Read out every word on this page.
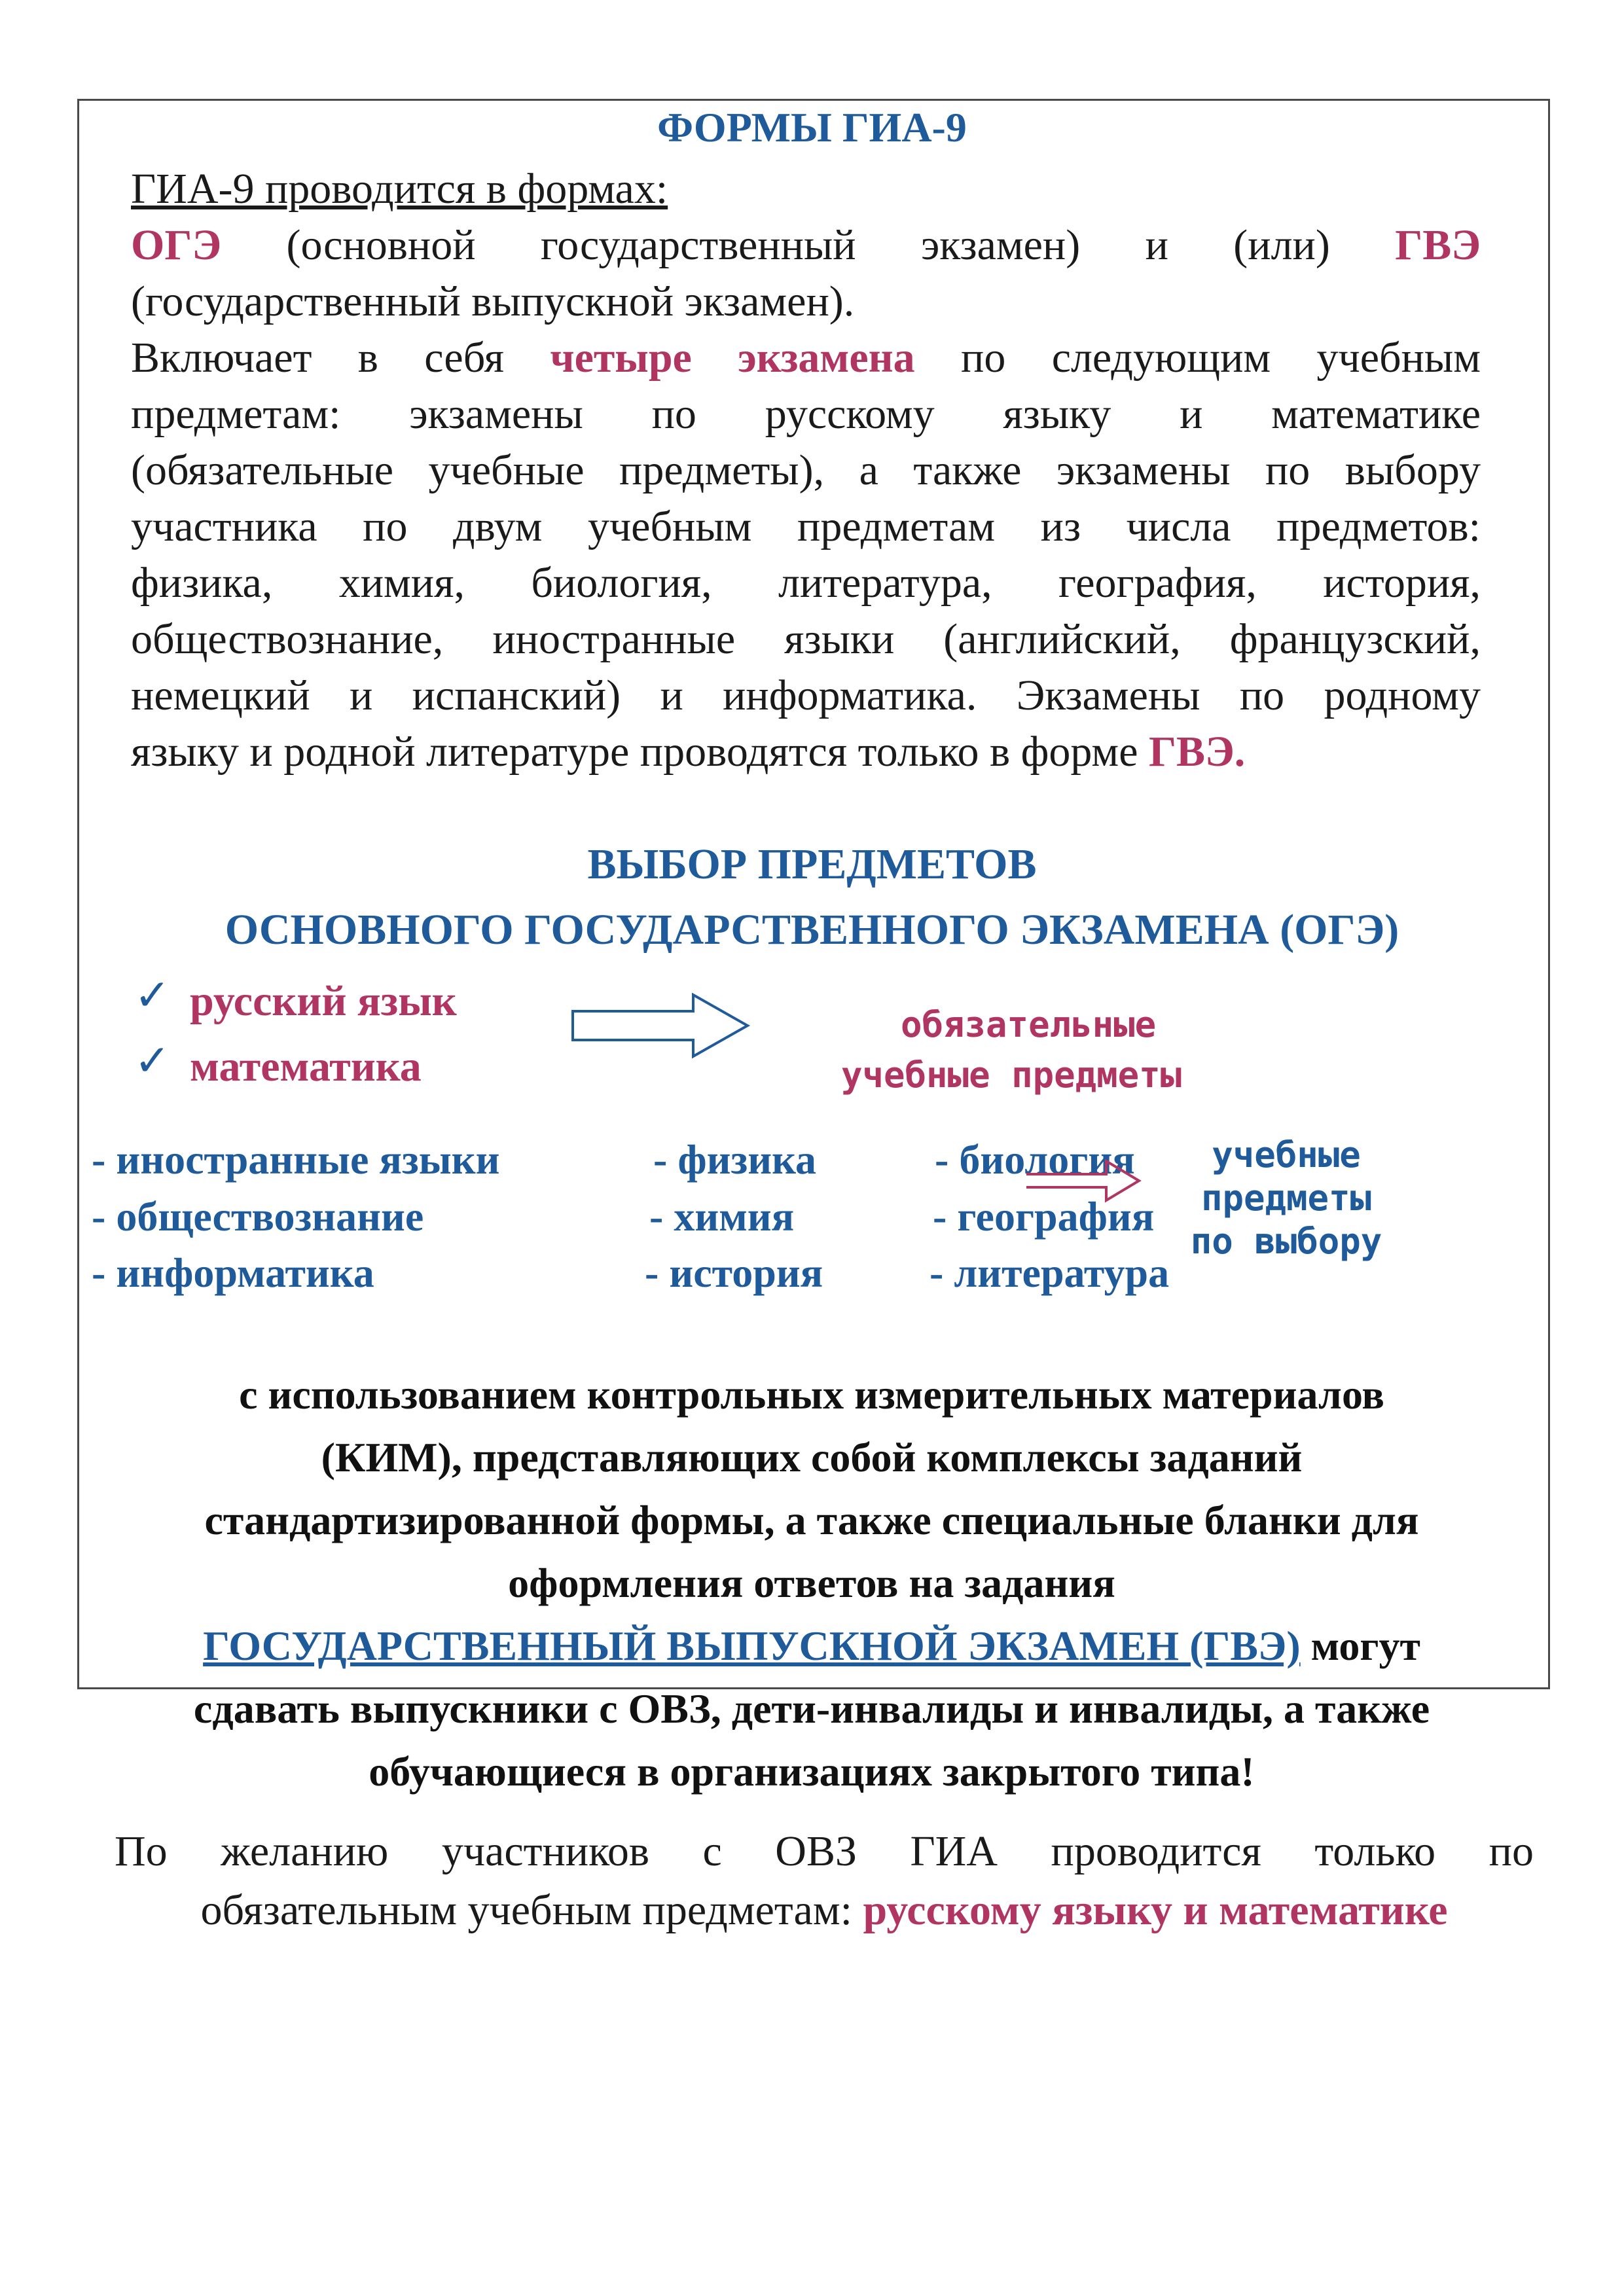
ФОРМЫ ГИА-9
ГИА-9 проводится в формах:
ОГЭ (основной государственный экзамен) и (или) ГВЭ
(государственный выпускной экзамен).
Включает в себя четыре экзамена по следующим учебным
предметам: экзамены по русскому языку и математике
(обязательные учебные предметы), а также экзамены по выбору
участника по двум учебным предметам из числа предметов:
физика, химия, биология, литература, география, история,
обществознание, иностранные языки (английский, французский,
немецкий и испанский) и информатика. Экзамены по родному
языку и родной литературе проводятся только в форме ГВЭ.
ВЫБОР ПРЕДМЕТОВ
ОСНОВНОГО ГОСУДАРСТВЕННОГО ЭКЗАМЕНА (ОГЭ)
✓ русский язык
✓ математика
обязательные
учебные предметы
- иностранные языки
- обществознание
- информатика
- физика
- химия
- история
- биология
- география
- литература
учебные
предметы
по выбору
с использованием контрольных измерительных материалов
(КИМ), представляющих собой комплексы заданий
стандартизированной формы, а также специальные бланки для
оформления ответов на задания
ГОСУДАРСТВЕННЫЙ ВЫПУСКНОЙ ЭКЗАМЕН (ГВЭ) могут
сдавать выпускники с ОВЗ, дети-инвалиды и инвалиды, а также
обучающиеся в организациях закрытого типа!
По желанию участников с ОВЗ ГИА проводится только по
обязательным учебным предметам: русскому языку и математике
